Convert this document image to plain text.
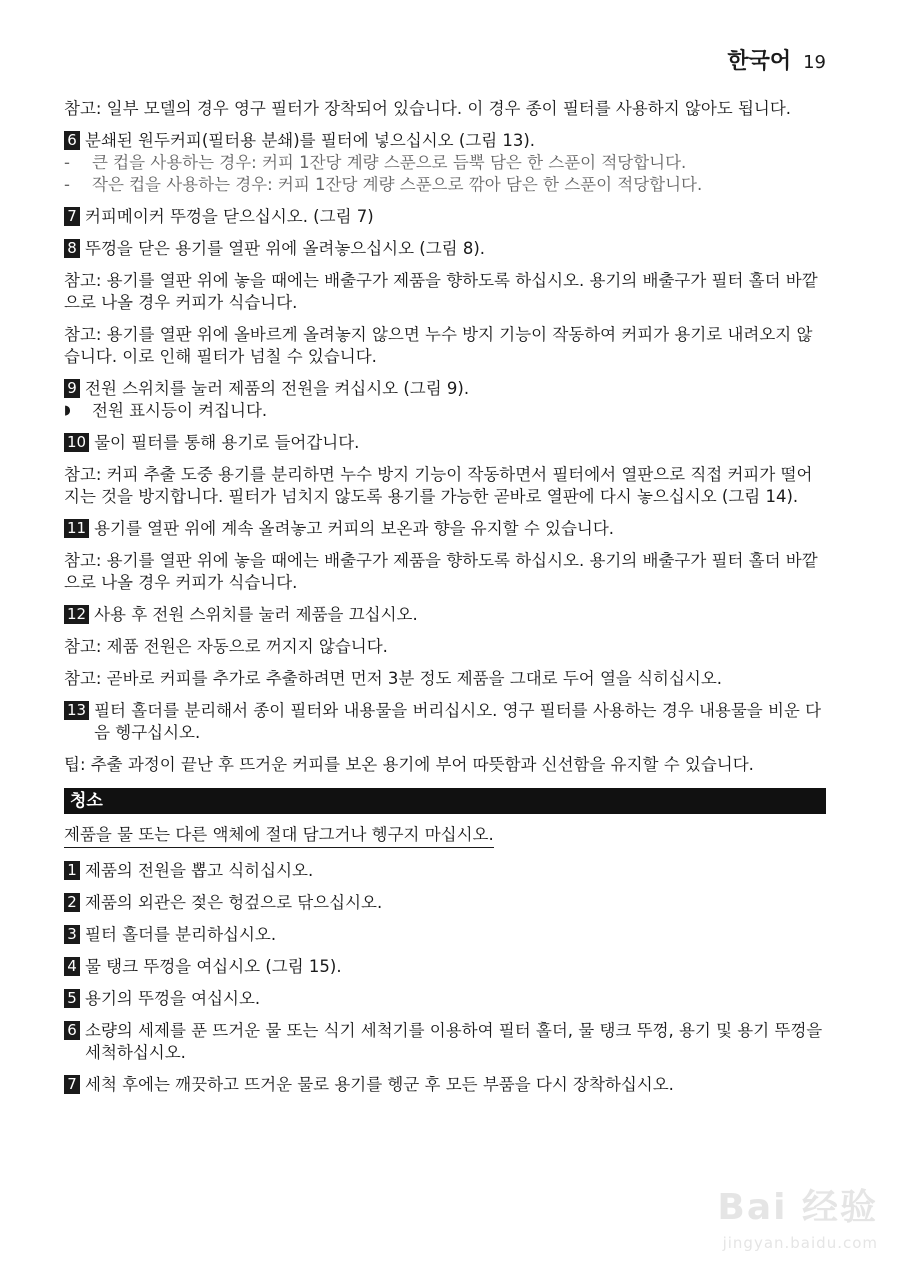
한국어 19

참고: 일부 모델의 경우 영구 필터가 장착되어 있습니다. 이 경우 종이 필터를 사용하지 않아도 됩니다.

6 분쇄된 원두커피(필터용 분쇄)를 필터에 넣으십시오 (그림 13).
-	큰 컵을 사용하는 경우: 커피 1잔당 계량 스푼으로 듬뿍 담은 한 스푼이 적당합니다.
-	작은 컵을 사용하는 경우: 커피 1잔당 계량 스푼으로 깎아 담은 한 스푼이 적당합니다.
7 커피메이커 뚜껑을 닫으십시오. (그림 7)
8 뚜껑을 닫은 용기를 열판 위에 올려놓으십시오 (그림 8).

참고: 용기를 열판 위에 놓을 때에는 배출구가 제품을 향하도록 하십시오. 용기의 배출구가 필터 홀더 바깥으로 나올 경우 커피가 식습니다.

참고: 용기를 열판 위에 올바르게 올려놓지 않으면 누수 방지 기능이 작동하여 커피가 용기로 내려오지 않습니다. 이로 인해 필터가 넘칠 수 있습니다.

9 전원 스위치를 눌러 제품의 전원을 켜십시오 (그림 9).
◗	전원 표시등이 켜집니다.
10 물이 필터를 통해 용기로 들어갑니다.

참고: 커피 추출 도중 용기를 분리하면 누수 방지 기능이 작동하면서 필터에서 열판으로 직접 커피가 떨어지는 것을 방지합니다. 필터가 넘치지 않도록 용기를 가능한 곧바로 열판에 다시 놓으십시오 (그림 14).

11 용기를 열판 위에 계속 올려놓고 커피의 보온과 향을 유지할 수 있습니다.

참고: 용기를 열판 위에 놓을 때에는 배출구가 제품을 향하도록 하십시오. 용기의 배출구가 필터 홀더 바깥으로 나올 경우 커피가 식습니다.

12 사용 후 전원 스위치를 눌러 제품을 끄십시오.

참고: 제품 전원은 자동으로 꺼지지 않습니다.

참고: 곧바로 커피를 추가로 추출하려면 먼저 3분 정도 제품을 그대로 두어 열을 식히십시오.

13 필터 홀더를 분리해서 종이 필터와 내용물을 버리십시오. 영구 필터를 사용하는 경우 내용물을 비운 다음 헹구십시오.

팁: 추출 과정이 끝난 후 뜨거운 커피를 보온 용기에 부어 따뜻함과 신선함을 유지할 수 있습니다.

청소
제품을 물 또는 다른 액체에 절대 담그거나 헹구지 마십시오.
1 제품의 전원을 뽑고 식히십시오.
2 제품의 외관은 젖은 헝겊으로 닦으십시오.
3 필터 홀더를 분리하십시오.
4 물 탱크 뚜껑을 여십시오 (그림 15).
5 용기의 뚜껑을 여십시오.
6 소량의 세제를 푼 뜨거운 물 또는 식기 세척기를 이용하여 필터 홀더, 물 탱크 뚜껑, 용기 및 용기 뚜껑을 세척하십시오.
7 세척 후에는 깨끗하고 뜨거운 물로 용기를 헹군 후 모든 부품을 다시 장착하십시오.
Bai 经验
jingyan.baidu.com
